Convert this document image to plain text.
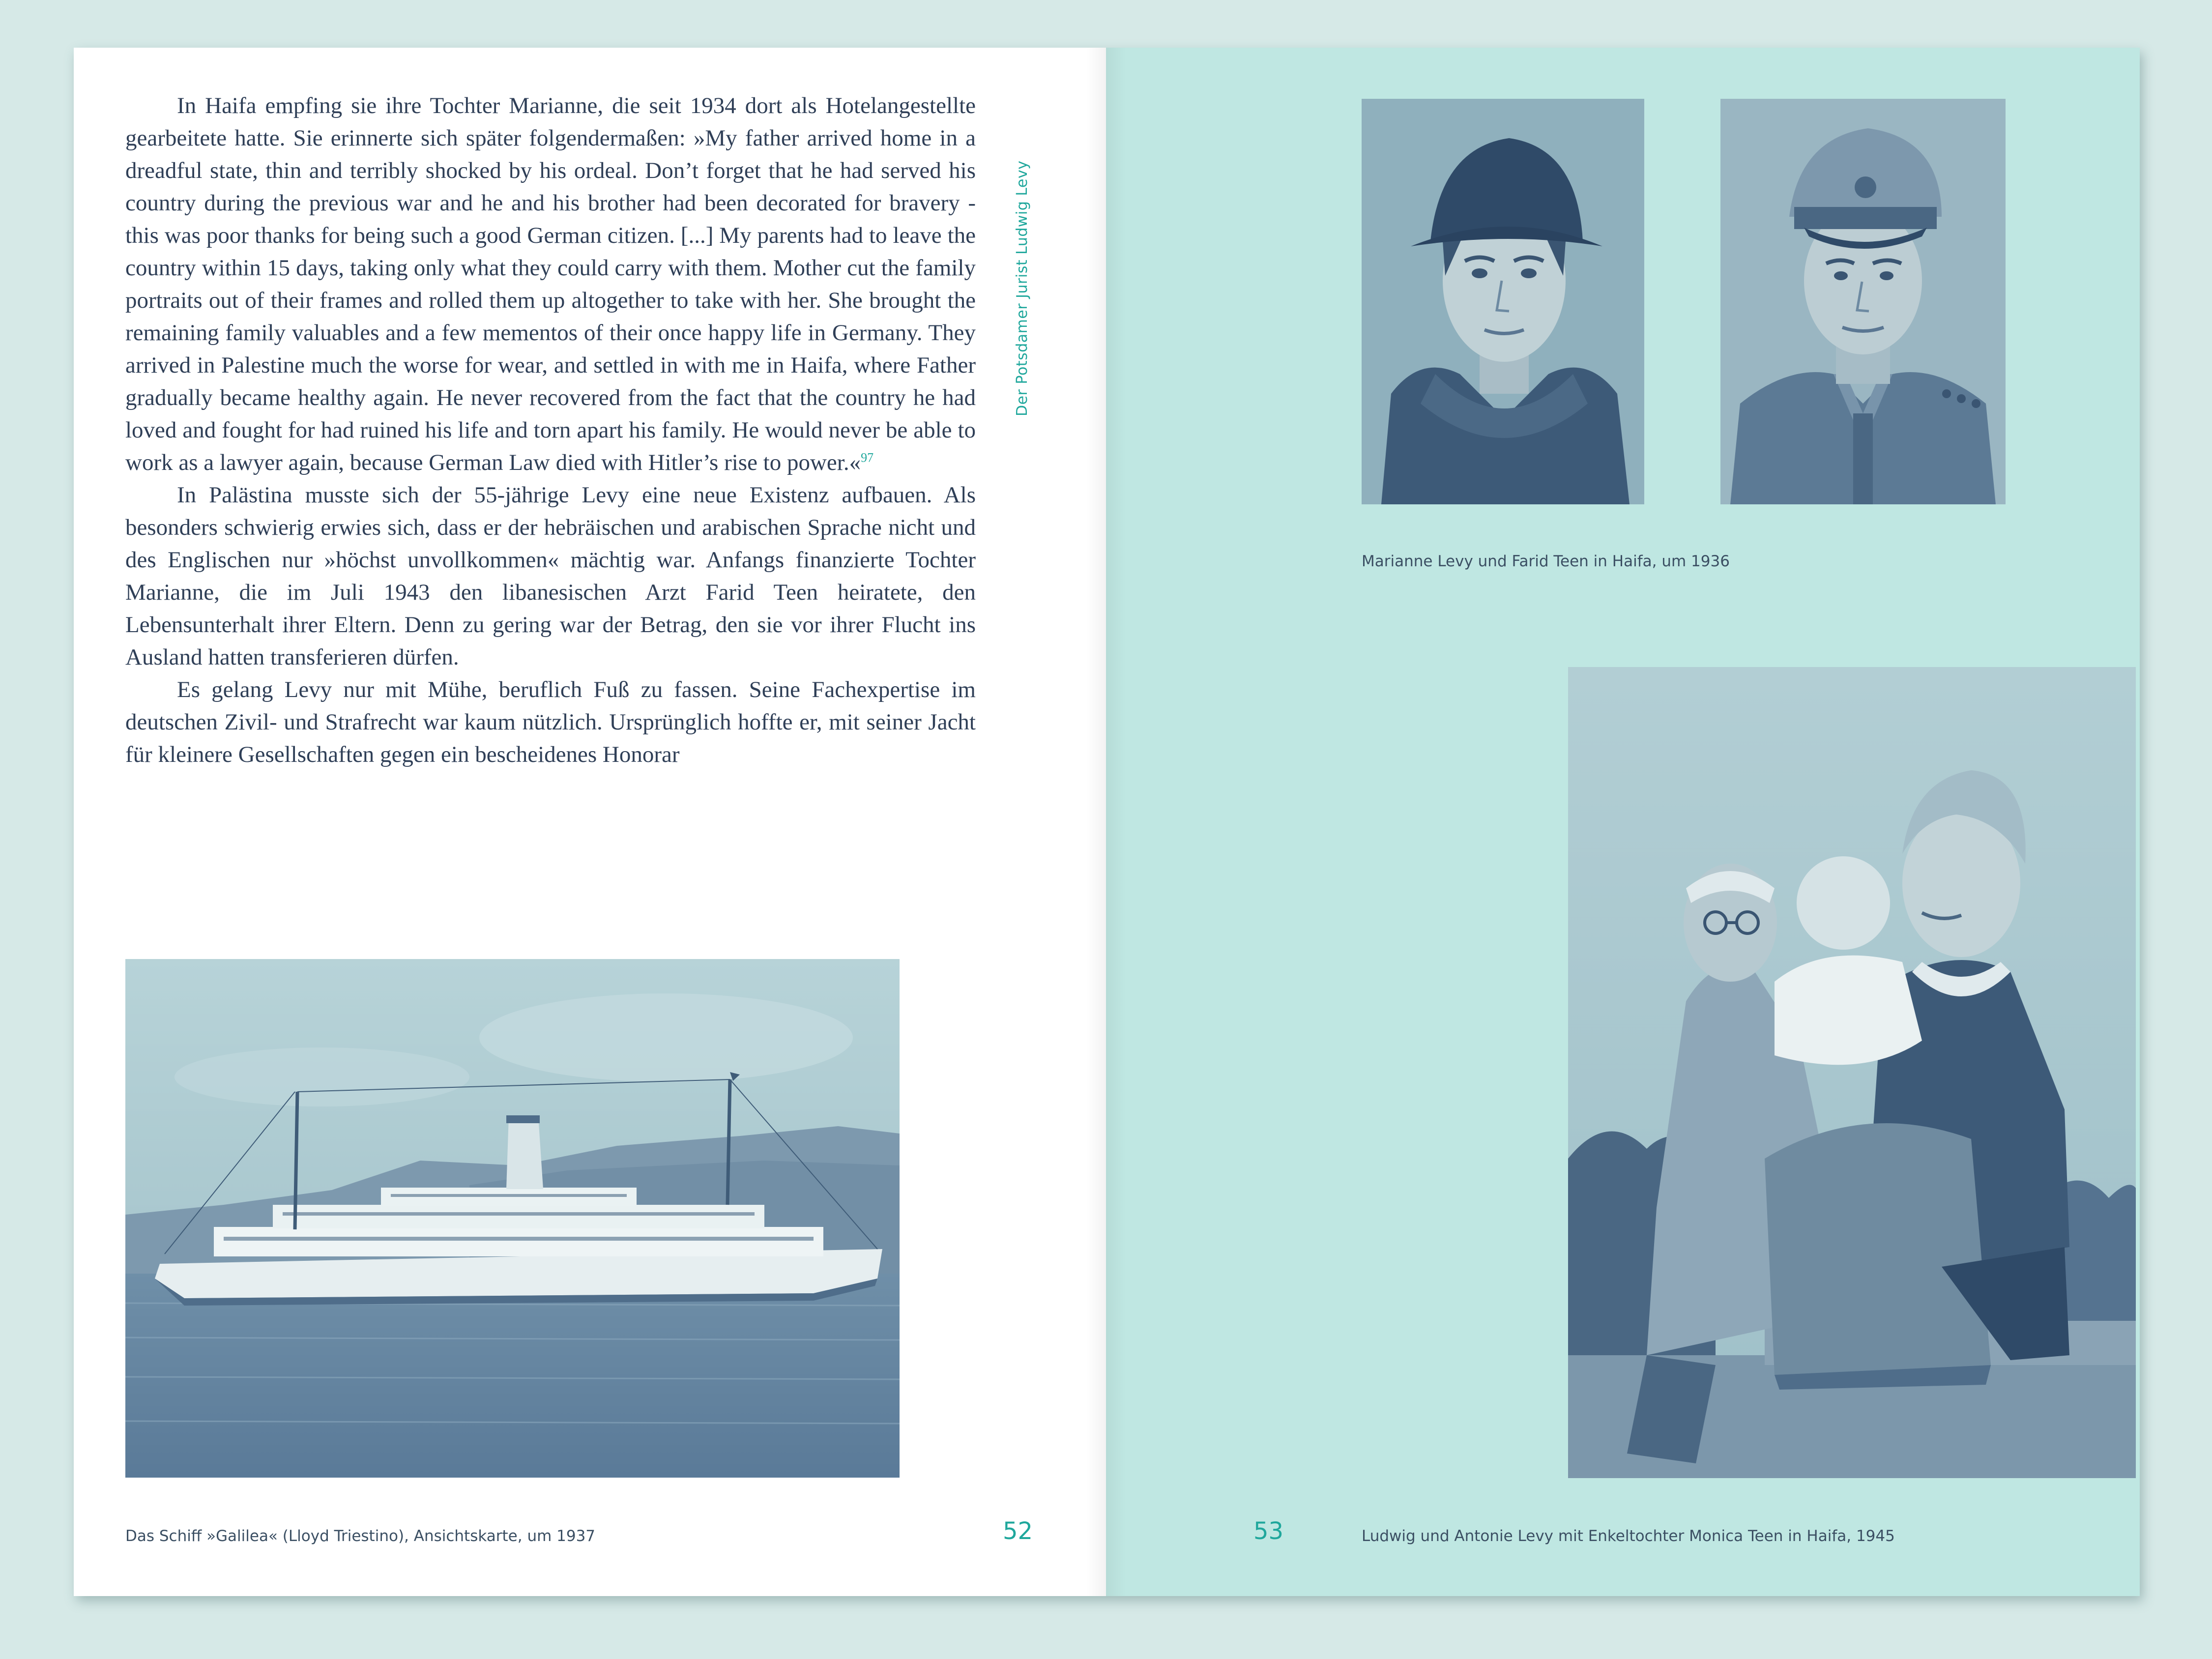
In Haifa empfing sie ihre Tochter Marianne, die seit 1934 dort als Hotelangestellte gearbeitete hatte. Sie erinnerte sich später folgendermaßen: »My father arrived home in a dreadful state, thin and terribly shocked by his ordeal. Don’t forget that he had served his country during the previous war and he and his brother had been decorated for bravery - this was poor thanks for being such a good German citizen. [...] My parents had to leave the country within 15 days, taking only what they could carry with them. Mother cut the family portraits out of their frames and rolled them up altogether to take with her. She brought the remaining family valuables and a few mementos of their once happy life in Germany. They arrived in Palestine much the worse for wear, and settled in with me in Haifa, where Father gradually became healthy again. He never recovered from the fact that the country he had loved and fought for had ruined his life and torn apart his family. He would never be able to work as a lawyer again, because German Law died with Hitler’s rise to power.«$^{97}$

In Palästina musste sich der 55-jährige Levy eine neue Existenz aufbauen. Als besonders schwierig erwies sich, dass er der hebräischen und arabischen Sprache nicht und des Englischen nur »höchst unvollkommen« mächtig war. Anfangs finanzierte Tochter Marianne, die im Juli 1943 den libanesischen Arzt Farid Teen heiratete, den Lebensunterhalt ihrer Eltern. Denn zu gering war der Betrag, den sie vor ihrer Flucht ins Ausland hatten transferieren dürfen.

Es gelang Levy nur mit Mühe, beruflich Fuß zu fassen. Seine Fachexpertise im deutschen Zivil- und Strafrecht war kaum nützlich. Ursprünglich hoffte er, mit seiner Jacht für kleinere Gesellschaften gegen ein bescheidenes Honorar

Der Potsdamer Jurist Ludwig Levy
Das Schiff »Galilea« (Lloyd Triestino), Ansichtskarte, um 1937	52
Marianne Levy und Farid Teen in Haifa, um 1936
53	Ludwig und Antonie Levy mit Enkeltochter Monica Teen in Haifa, 1945
